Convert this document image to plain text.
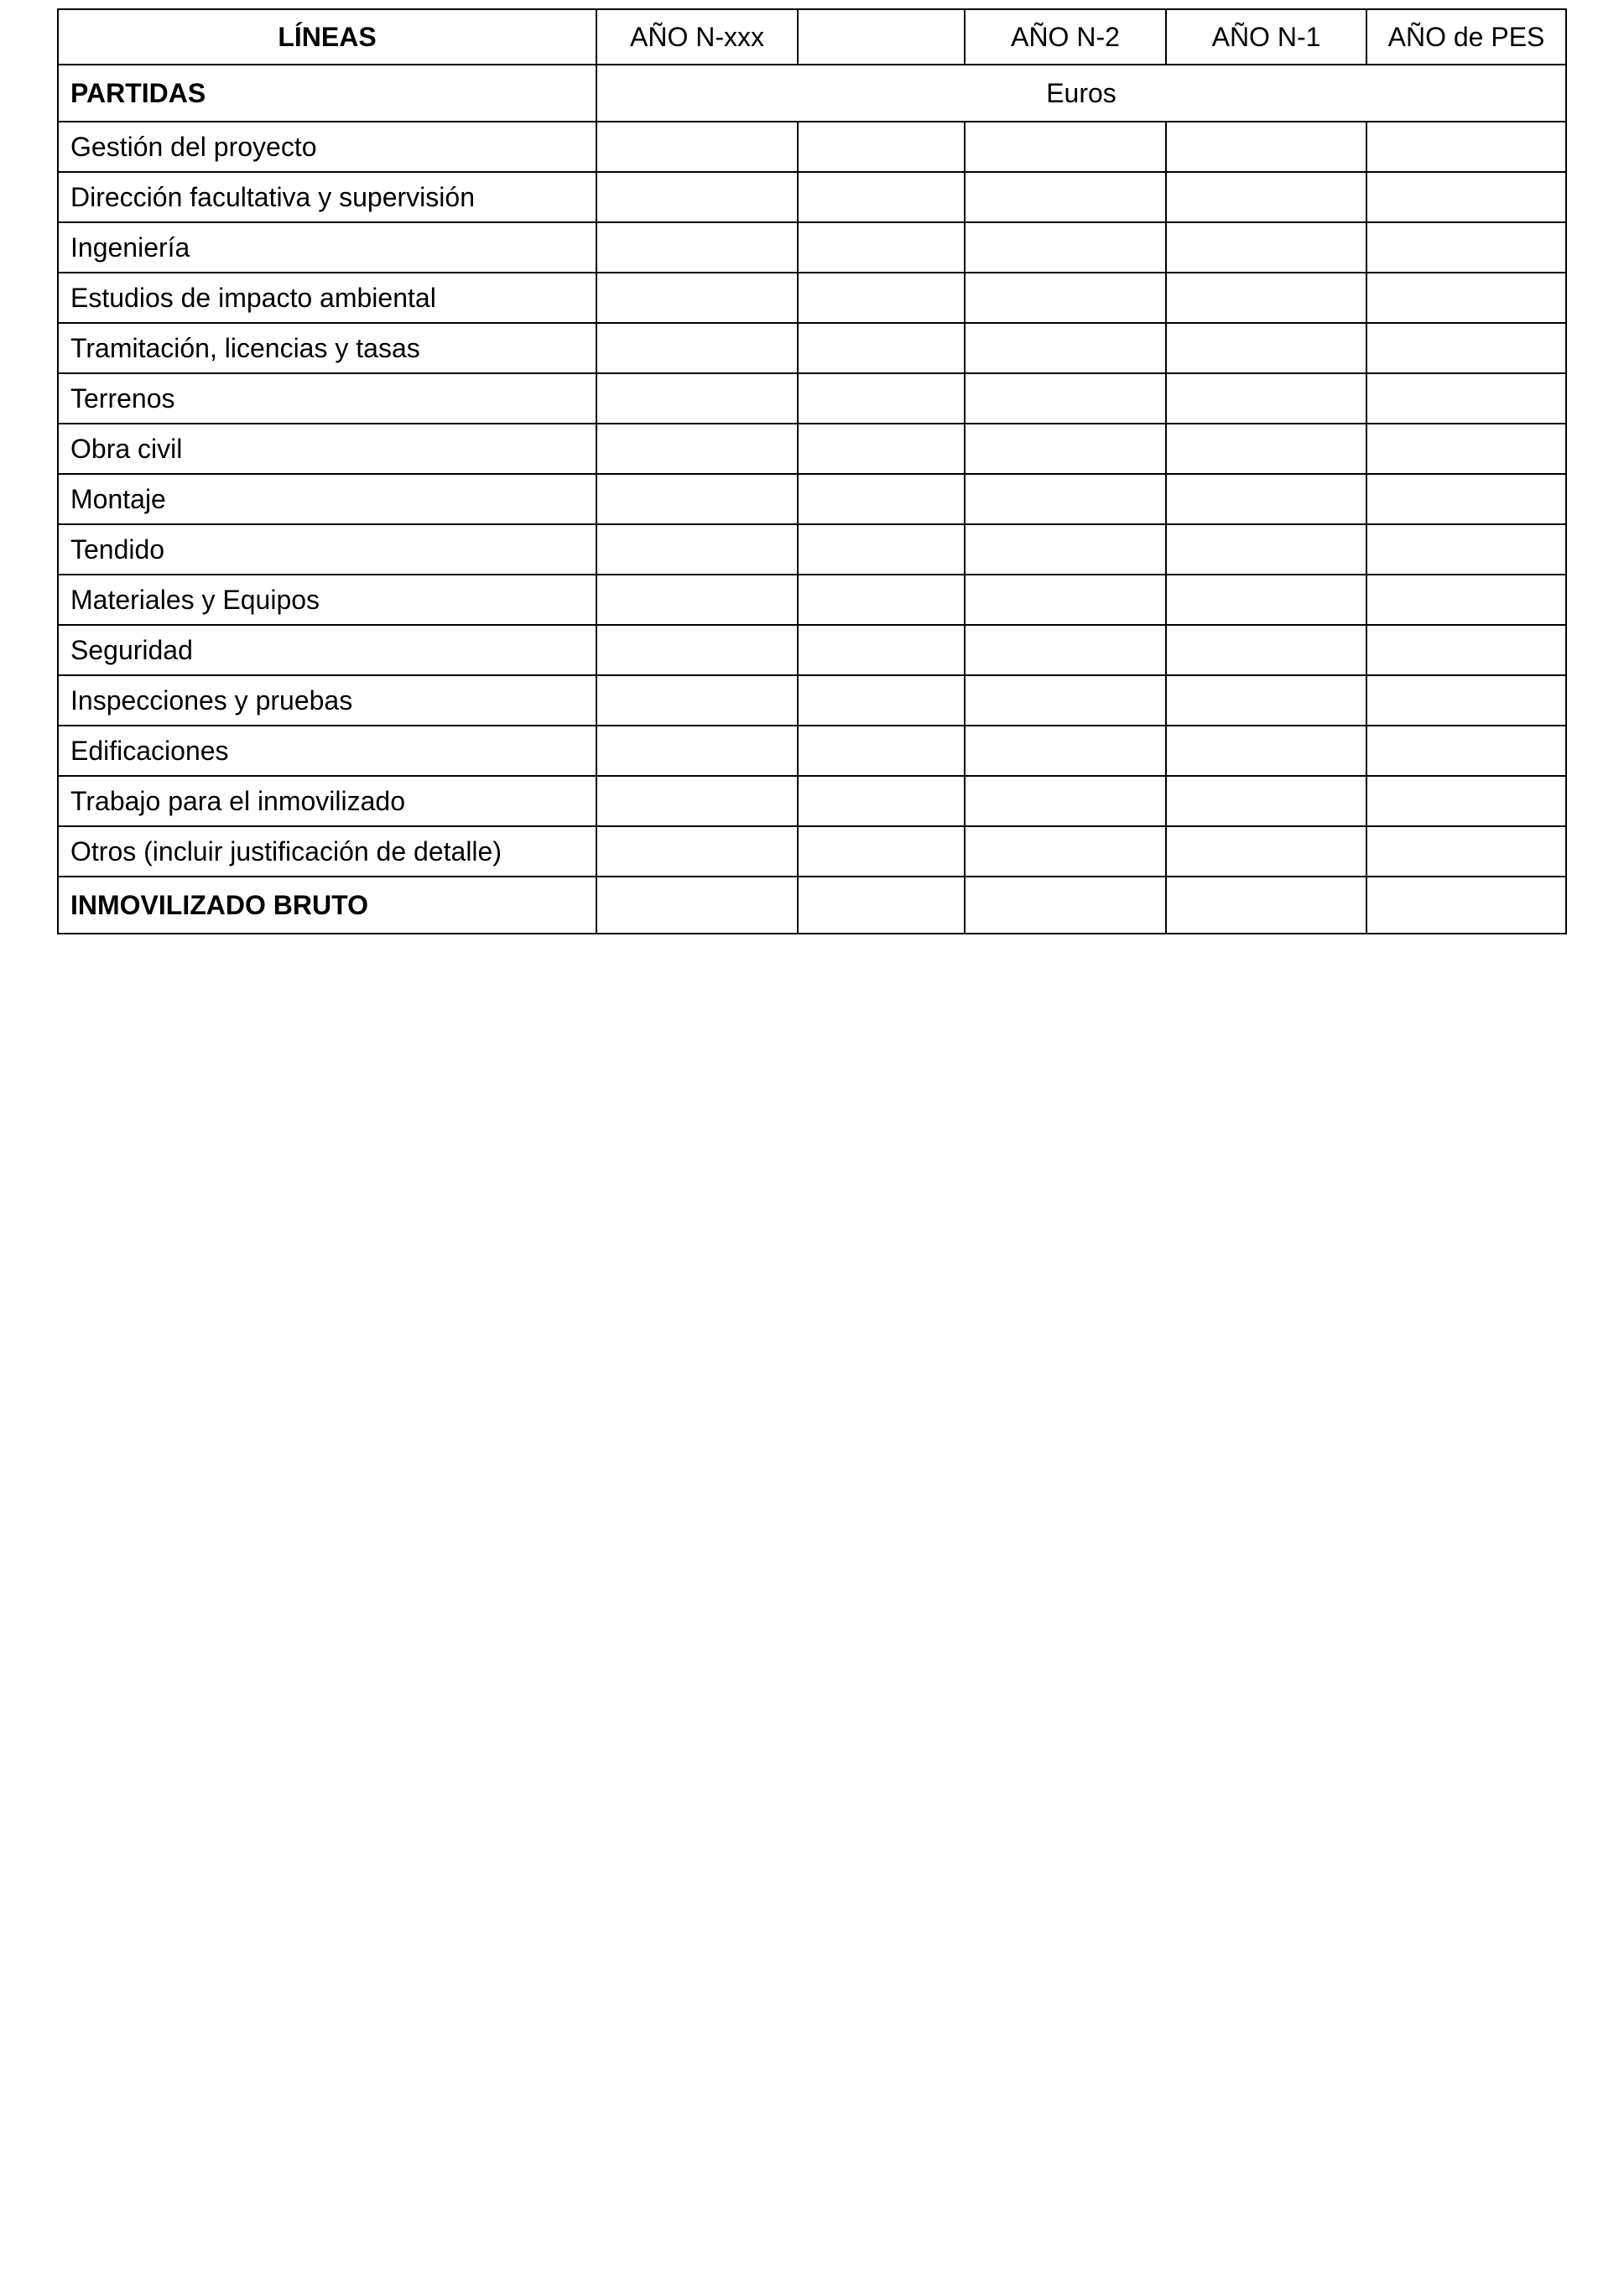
LÍNEAS	AÑO N-xxx		AÑO N-2	AÑO N-1	AÑO de PES
PARTIDAS	Euros				
Gestión del proyecto					
Dirección facultativa y supervisión					
Ingeniería					
Estudios de impacto ambiental					
Tramitación, licencias y tasas					
Terrenos					
Obra civil					
Montaje					
Tendido					
Materiales y Equipos					
Seguridad					
Inspecciones y pruebas					
Edificaciones					
Trabajo para el inmovilizado					
Otros (incluir justificación de detalle)					
INMOVILIZADO BRUTO					
